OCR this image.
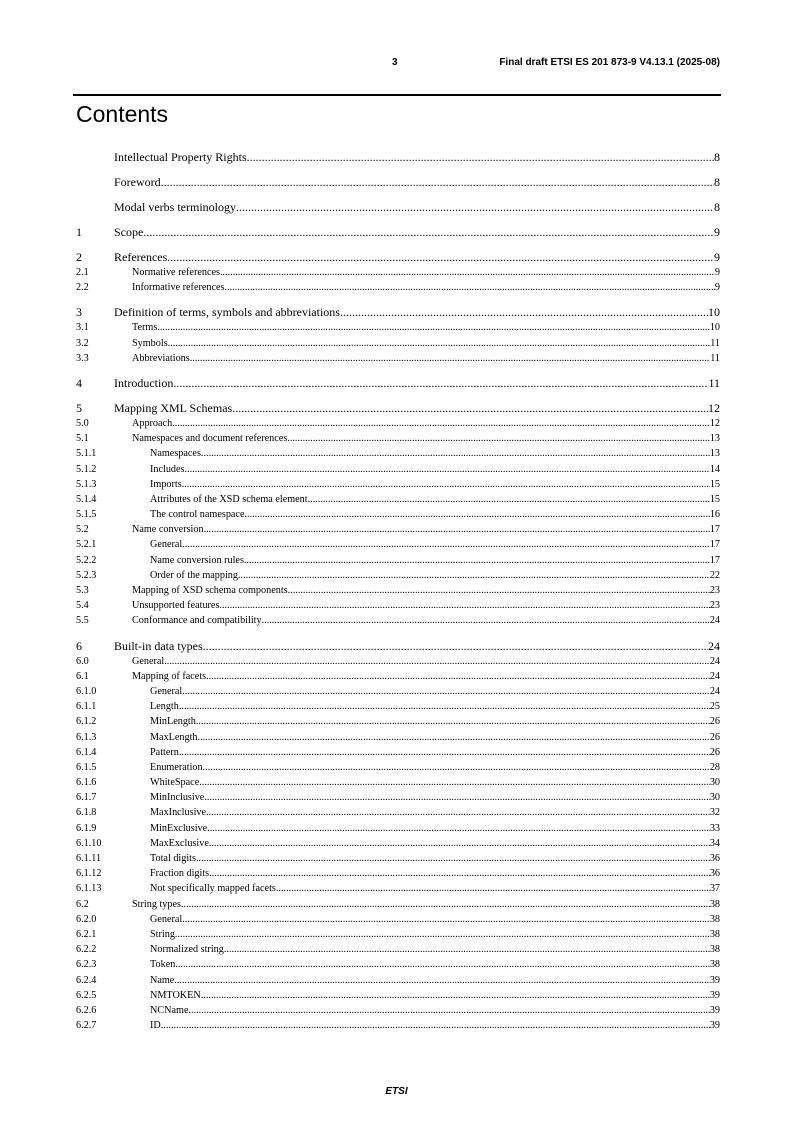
3	Final draft ETSI ES 201 873-9 V4.13.1 (2025-08)
Contents
Intellectual Property Rights .....	8
Foreword .....	8
Modal verbs terminology .....	8
1	Scope .....	9
2	References .....	9
2.1	Normative references .....	9
2.2	Informative references .....	9
3	Definition of terms, symbols and abbreviations .....	10
3.1	Terms .....	10
3.2	Symbols .....	11
3.3	Abbreviations .....	11
4	Introduction .....	11
5	Mapping XML Schemas .....	12
5.0	Approach .....	12
5.1	Namespaces and document references .....	13
5.1.1	Namespaces .....	13
5.1.2	Includes .....	14
5.1.3	Imports .....	15
5.1.4	Attributes of the XSD schema element .....	15
5.1.5	The control namespace .....	16
5.2	Name conversion .....	17
5.2.1	General .....	17
5.2.2	Name conversion rules .....	17
5.2.3	Order of the mapping .....	22
5.3	Mapping of XSD schema components .....	23
5.4	Unsupported features .....	23
5.5	Conformance and compatibility .....	24
6	Built-in data types .....	24
6.0	General .....	24
6.1	Mapping of facets .....	24
6.1.0	General .....	24
6.1.1	Length .....	25
6.1.2	MinLength .....	26
6.1.3	MaxLength .....	26
6.1.4	Pattern .....	26
6.1.5	Enumeration .....	28
6.1.6	WhiteSpace .....	30
6.1.7	MinInclusive .....	30
6.1.8	MaxInclusive .....	32
6.1.9	MinExclusive .....	33
6.1.10	MaxExclusive .....	34
6.1.11	Total digits .....	36
6.1.12	Fraction digits .....	36
6.1.13	Not specifically mapped facets .....	37
6.2	String types .....	38
6.2.0	General .....	38
6.2.1	String .....	38
6.2.2	Normalized string .....	38
6.2.3	Token .....	38
6.2.4	Name .....	39
6.2.5	NMTOKEN .....	39
6.2.6	NCName .....	39
6.2.7	ID .....	39
ETSI
